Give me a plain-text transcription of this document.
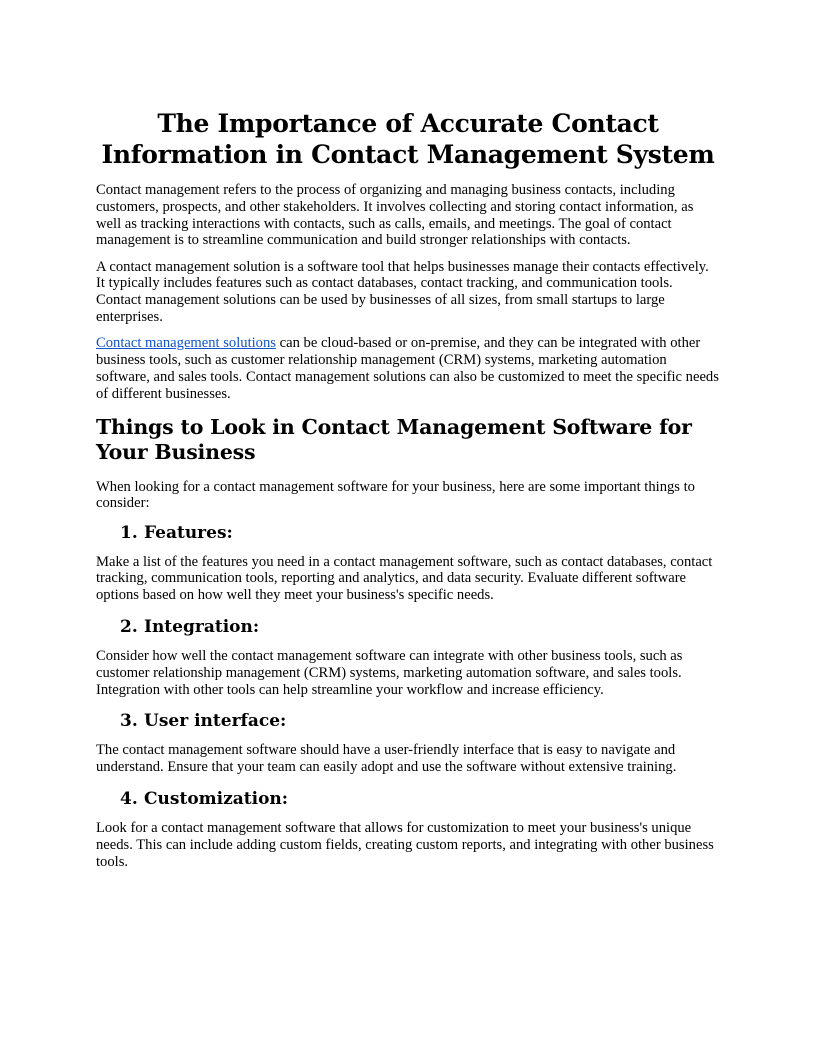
The Importance of Accurate Contact Information in Contact Management System

Contact management refers to the process of organizing and managing business contacts, including customers, prospects, and other stakeholders. It involves collecting and storing contact information, as well as tracking interactions with contacts, such as calls, emails, and meetings. The goal of contact management is to streamline communication and build stronger relationships with contacts.

A contact management solution is a software tool that helps businesses manage their contacts effectively. It typically includes features such as contact databases, contact tracking, and communication tools. Contact management solutions can be used by businesses of all sizes, from small startups to large enterprises.

Contact management solutions can be cloud-based or on-premise, and they can be integrated with other business tools, such as customer relationship management (CRM) systems, marketing automation software, and sales tools. Contact management solutions can also be customized to meet the specific needs of different businesses.

Things to Look in Contact Management Software for Your Business

When looking for a contact management software for your business, here are some important things to consider:

1. Features:

Make a list of the features you need in a contact management software, such as contact databases, contact tracking, communication tools, reporting and analytics, and data security. Evaluate different software options based on how well they meet your business's specific needs.

2. Integration:

Consider how well the contact management software can integrate with other business tools, such as customer relationship management (CRM) systems, marketing automation software, and sales tools. Integration with other tools can help streamline your workflow and increase efficiency.

3. User interface:

The contact management software should have a user-friendly interface that is easy to navigate and understand. Ensure that your team can easily adopt and use the software without extensive training.

4. Customization:

Look for a contact management software that allows for customization to meet your business's unique needs. This can include adding custom fields, creating custom reports, and integrating with other business tools.
